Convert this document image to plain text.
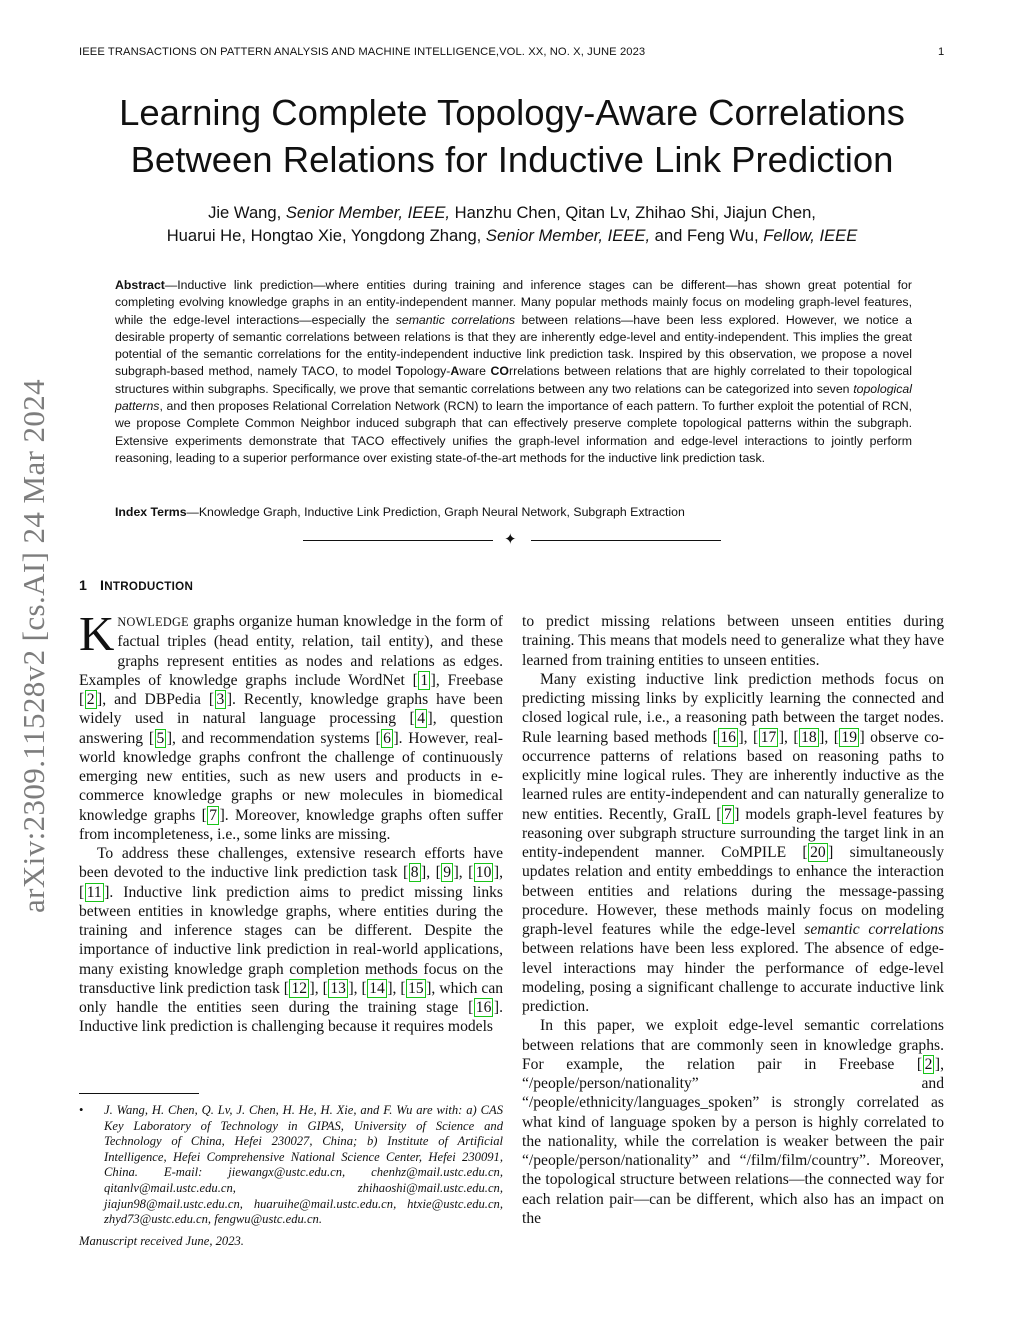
IEEE TRANSACTIONS ON PATTERN ANALYSIS AND MACHINE INTELLIGENCE,VOL. XX, NO. X, JUNE 2023	1
Learning Complete Topology-Aware Correlations
Between Relations for Inductive Link Prediction
Jie Wang, Senior Member, IEEE, Hanzhu Chen, Qitan Lv, Zhihao Shi, Jiajun Chen,
Huarui He, Hongtao Xie, Yongdong Zhang, Senior Member, IEEE, and Feng Wu, Fellow, IEEE
arXiv:2309.11528v2 [cs.AI] 24 Mar 2024
Abstract—Inductive link prediction—where entities during training and inference stages can be different—has shown great potential for completing evolving knowledge graphs in an entity-independent manner. Many popular methods mainly focus on modeling graph-level features, while the edge-level interactions—especially the semantic correlations between relations—have been less explored. However, we notice a desirable property of semantic correlations between relations is that they are inherently edge-level and entity-independent. This implies the great potential of the semantic correlations for the entity-independent inductive link prediction task. Inspired by this observation, we propose a novel subgraph-based method, namely TACO, to model Topology-Aware COrrelations between relations that are highly correlated to their topological structures within subgraphs. Specifically, we prove that semantic correlations between any two relations can be categorized into seven topological patterns, and then proposes Relational Correlation Network (RCN) to learn the importance of each pattern. To further exploit the potential of RCN, we propose Complete Common Neighbor induced subgraph that can effectively preserve complete topological patterns within the subgraph. Extensive experiments demonstrate that TACO effectively unifies the graph-level information and edge-level interactions to jointly perform reasoning, leading to a superior performance over existing state-of-the-art methods for the inductive link prediction task.
Index Terms—Knowledge Graph, Inductive Link Prediction, Graph Neural Network, Subgraph Extraction
✦
1 INTRODUCTION

KNOWLEDGE graphs organize human knowledge in the form of factual triples (head entity, relation, tail entity), and these graphs represent entities as nodes and relations as edges. Examples of knowledge graphs include WordNet [ 1 ], Freebase [ 2 ], and DBPedia [ 3 ]. Recently, knowledge graphs have been widely used in natural language processing [ 4 ], question answering [ 5 ], and recommendation systems [ 6 ]. However, real-world knowledge graphs confront the challenge of continuously emerging new entities, such as new users and products in e-commerce knowledge graphs or new molecules in biomedical knowledge graphs [ 7 ]. Moreover, knowledge graphs often suffer from incompleteness, i.e., some links are missing.

To address these challenges, extensive research efforts have been devoted to the inductive link prediction task [ 8 ], [ 9 ], [ 10 ], [ 11 ]. Inductive link prediction aims to predict missing links between entities in knowledge graphs, where entities during the training and inference stages can be different. Despite the importance of inductive link prediction in real-world applications, many existing knowledge graph completion methods focus on the transductive link prediction task [ 12 ], [ 13 ], [ 14 ], [ 15 ], which can only handle the entities seen during the training stage [ 16 ]. Inductive link prediction is challenging because it requires models

to predict missing relations between unseen entities during training. This means that models need to generalize what they have learned from training entities to unseen entities.

Many existing inductive link prediction methods focus on predicting missing links by explicitly learning the connected and closed logical rule, i.e., a reasoning path between the target nodes. Rule learning based methods [ 16 ], [ 17 ], [ 18 ], [ 19 ] observe co-occurrence patterns of relations based on reasoning paths to explicitly mine logical rules. They are inherently inductive as the learned rules are entity-independent and can naturally generalize to new entities. Recently, GraIL [ 7 ] models graph-level features by reasoning over subgraph structure surrounding the target link in an entity-independent manner. CoMPILE [ 20 ] simultaneously updates relation and entity embeddings to enhance the interaction between entities and relations during the message-passing procedure. However, these methods mainly focus on modeling graph-level features while the edge-level semantic correlations between relations have been less explored. The absence of edge-level interactions may hinder the performance of edge-level modeling, posing a significant challenge to accurate inductive link prediction.

In this paper, we exploit edge-level semantic correlations between relations that are commonly seen in knowledge graphs. For example, the relation pair in Freebase [ 2 ], “/people/person/nationality” and “/people/ethnicity/languages_spoken” is strongly correlated as what kind of language spoken by a person is highly correlated to the nationality, while the correlation is weaker between the pair “/people/person/nationality” and “/film/film/country”. Moreover, the topological structure between relations—the connected way for each relation pair—can be different, which also has an impact on the

• J. Wang, H. Chen, Q. Lv, J. Chen, H. He, H. Xie, and F. Wu are with: a) CAS Key Laboratory of Technology in GIPAS, University of Science and Technology of China, Hefei 230027, China; b) Institute of Artificial Intelligence, Hefei Comprehensive National Science Center, Hefei 230091, China. E-mail: jiewangx@ustc.edu.cn, chenhz@mail.ustc.edu.cn, qitanlv@mail.ustc.edu.cn, zhihaoshi@mail.ustc.edu.cn, jiajun98@mail.ustc.edu.cn, huaruihe@mail.ustc.edu.cn, htxie@ustc.edu.cn, zhyd73@ustc.edu.cn, fengwu@ustc.edu.cn.
Manuscript received June, 2023.
